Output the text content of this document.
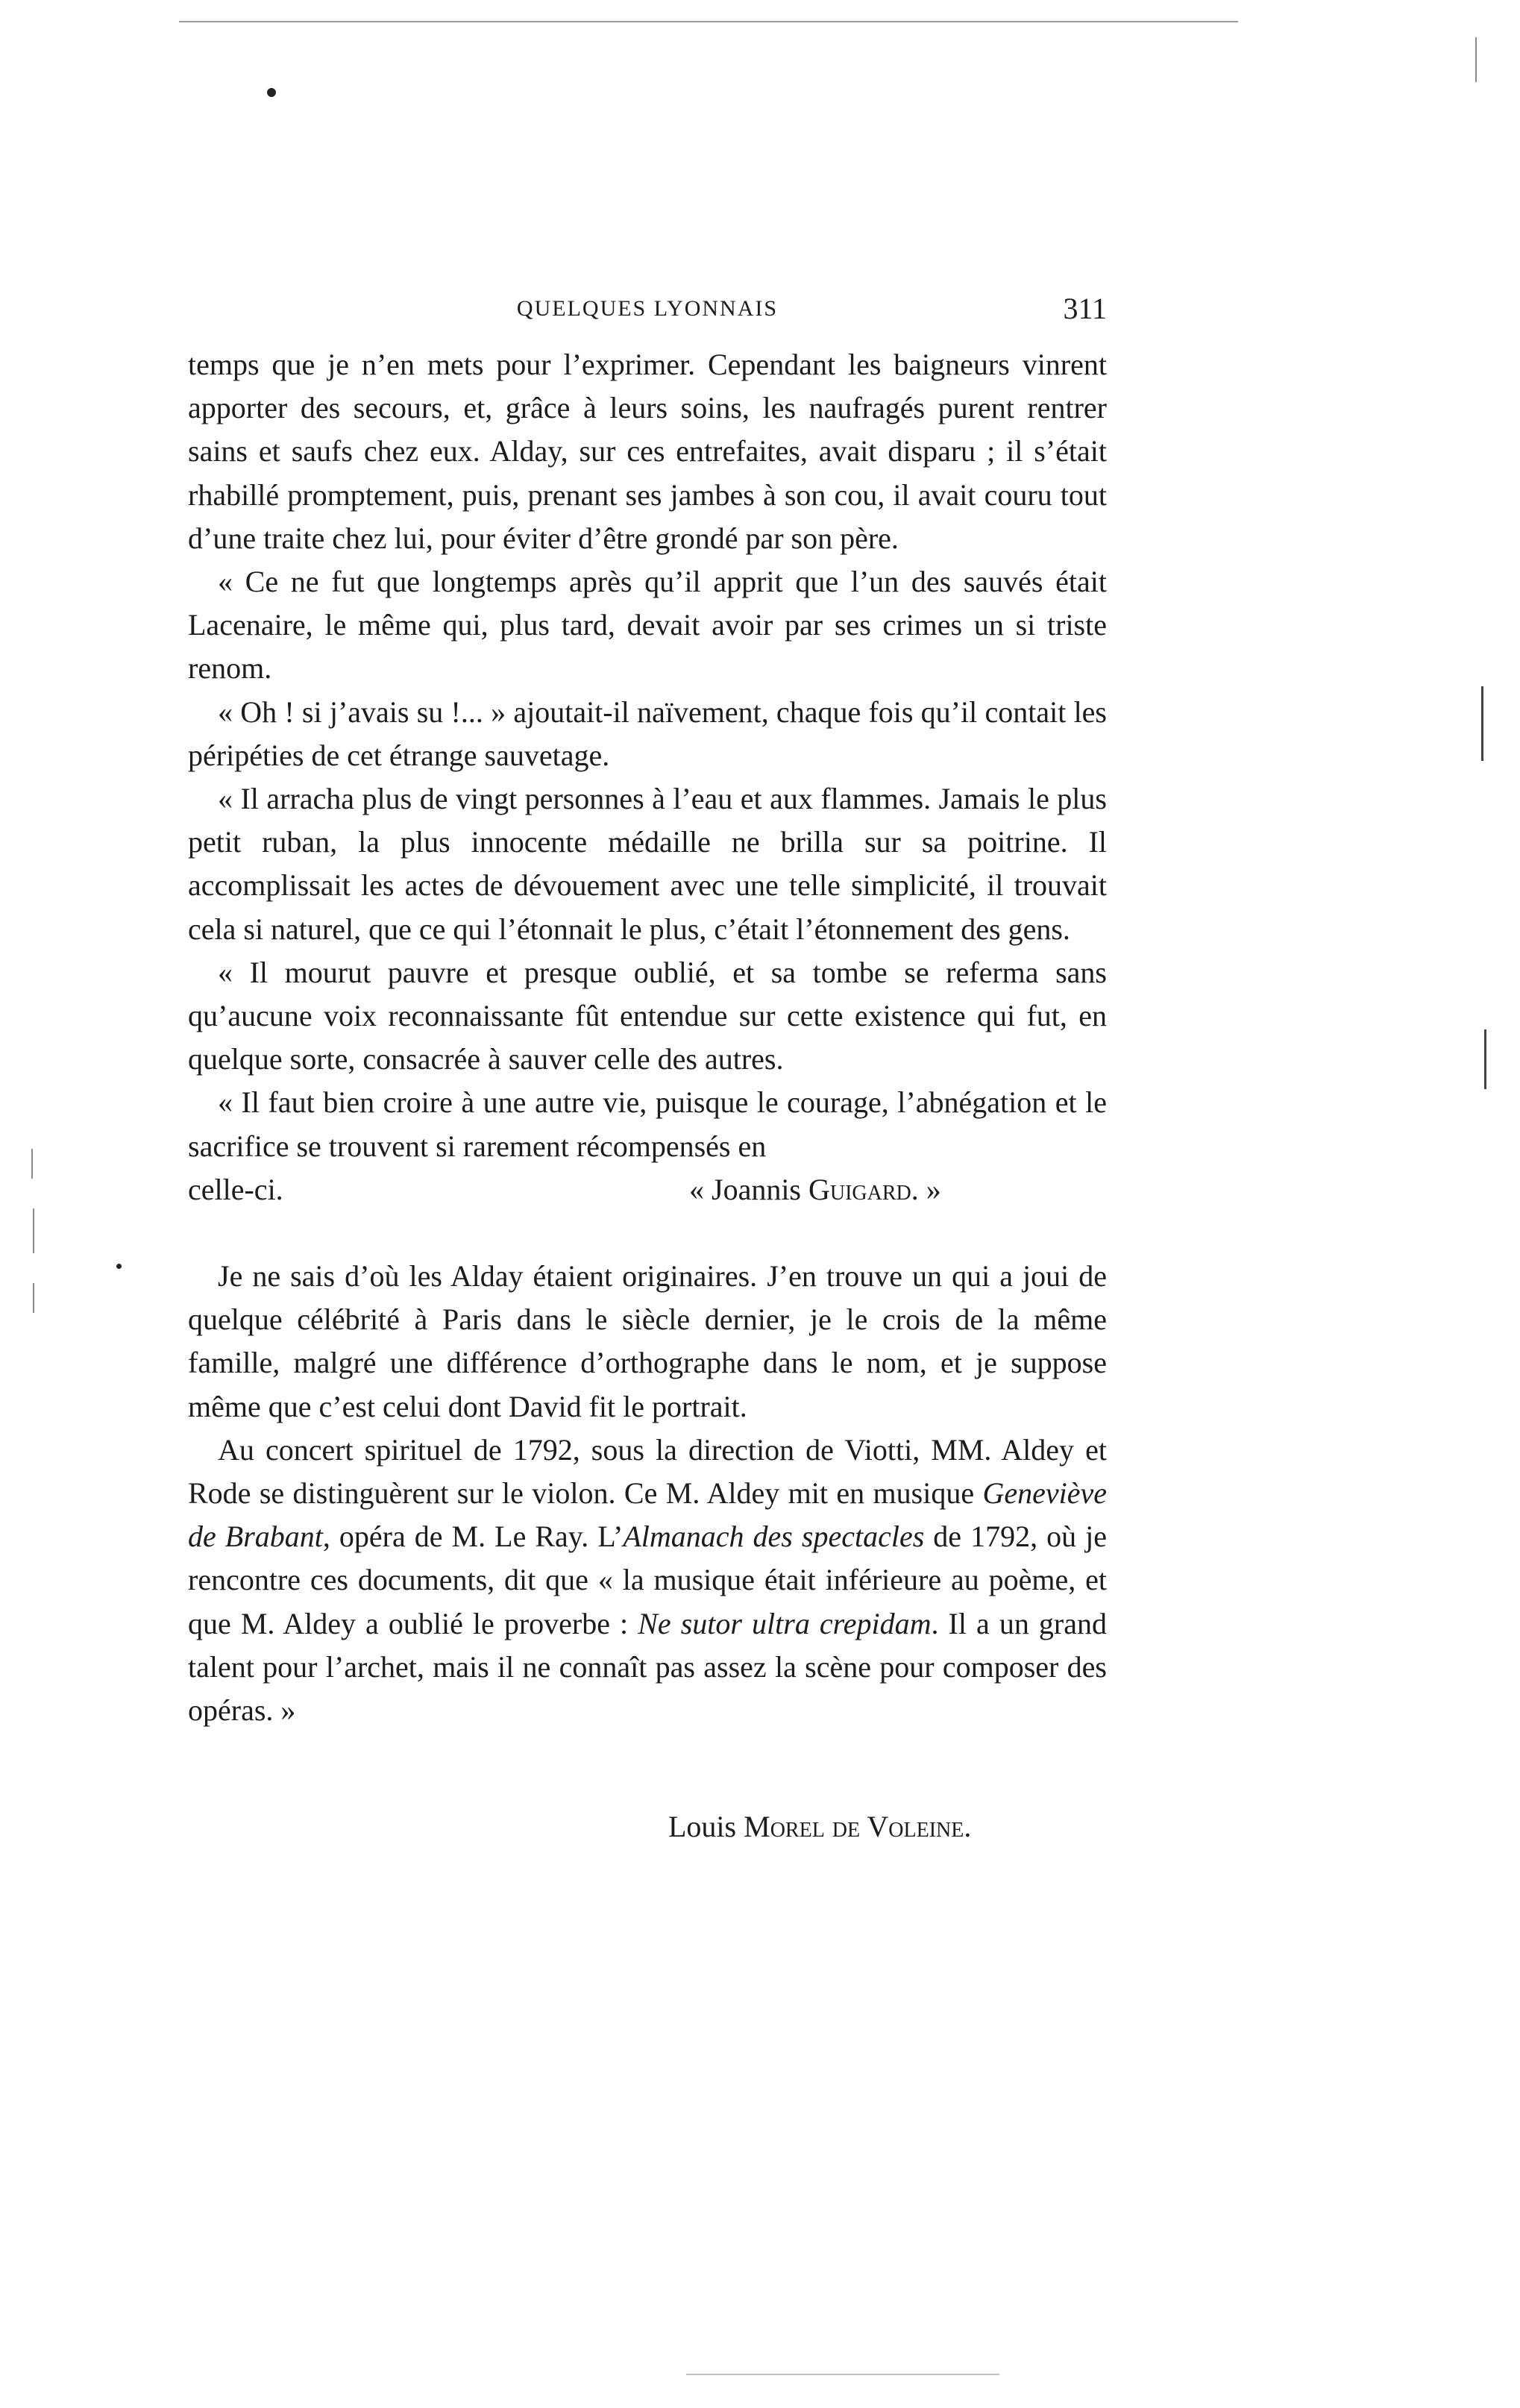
QUELQUES LYONNAIS	311

temps que je n’en mets pour l’exprimer. Cependant les baigneurs vinrent apporter des secours, et, grâce à leurs soins, les naufragés purent rentrer sains et saufs chez eux. Alday, sur ces entrefaites, avait disparu ; il s’était rhabillé promptement, puis, prenant ses jambes à son cou, il avait couru tout d’une traite chez lui, pour éviter d’être grondé par son père.

« Ce ne fut que longtemps après qu’il apprit que l’un des sauvés était Lacenaire, le même qui, plus tard, devait avoir par ses crimes un si triste renom.

« Oh ! si j’avais su !... » ajoutait-il naïvement, chaque fois qu’il contait les péripéties de cet étrange sauvetage.

« Il arracha plus de vingt personnes à l’eau et aux flammes. Jamais le plus petit ruban, la plus innocente médaille ne brilla sur sa poitrine. Il accomplissait les actes de dévouement avec une telle simplicité, il trouvait cela si naturel, que ce qui l’étonnait le plus, c’était l’étonnement des gens.

« Il mourut pauvre et presque oublié, et sa tombe se referma sans qu’aucune voix reconnaissante fût entendue sur cette existence qui fut, en quelque sorte, consacrée à sauver celle des autres.

« Il faut bien croire à une autre vie, puisque le courage, l’abnégation et le sacrifice se trouvent si rarement récompensés en

celle-ci.	« Joannis Guigard. »

Je ne sais d’où les Alday étaient originaires. J’en trouve un qui a joui de quelque célébrité à Paris dans le siècle dernier, je le crois de la même famille, malgré une différence d’orthographe dans le nom, et je suppose même que c’est celui dont David fit le portrait.

Au concert spirituel de 1792, sous la direction de Viotti, MM. Aldey et Rode se distinguèrent sur le violon. Ce M. Aldey mit en musique Geneviève de Brabant, opéra de M. Le Ray. L’Almanach des spectacles de 1792, où je rencontre ces documents, dit que « la musique était inférieure au poème, et que M. Aldey a oublié le proverbe : Ne sutor ultra crepidam. Il a un grand talent pour l’archet, mais il ne connaît pas assez la scène pour composer des opéras. »

Louis Morel de Voleine.
